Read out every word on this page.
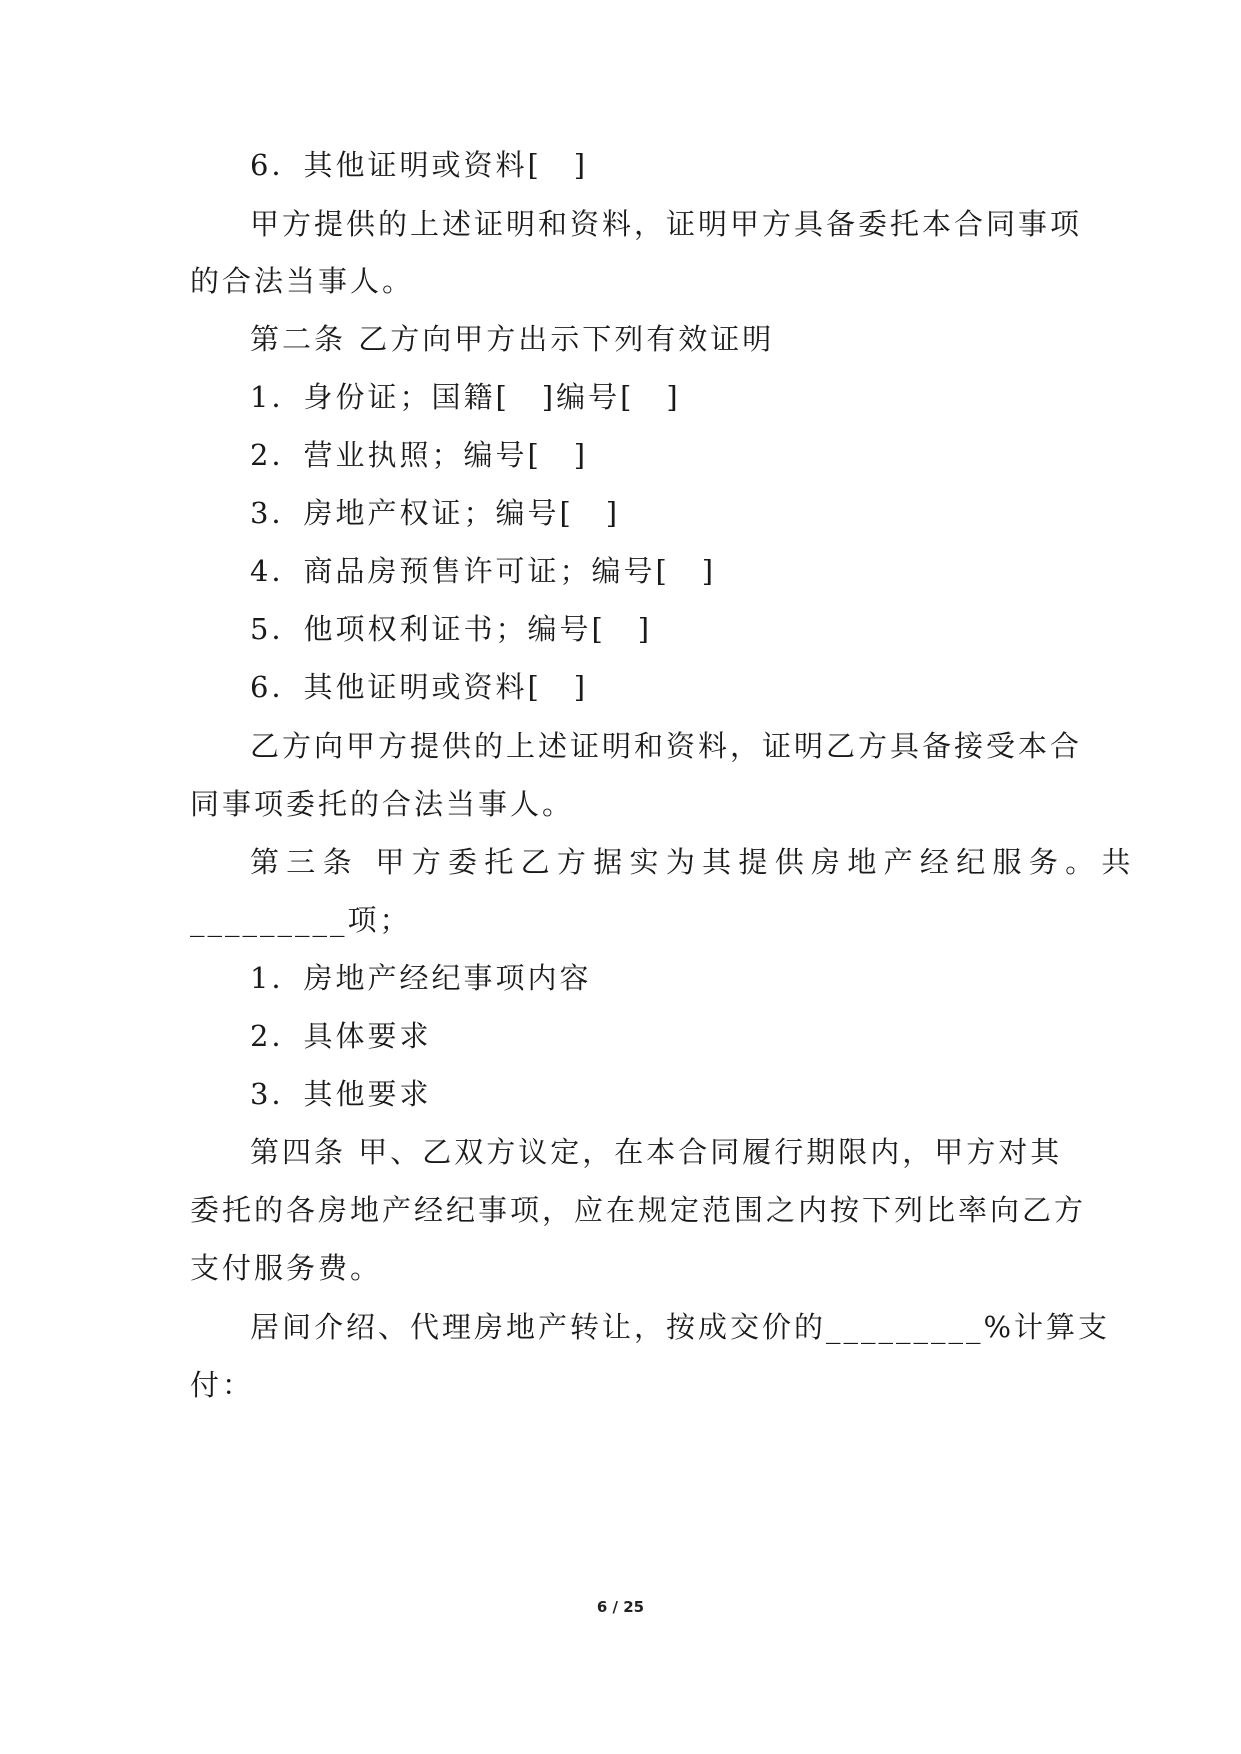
6．其他证明或资料[　]
甲方提供的上述证明和资料，证明甲方具备委托本合同事项
的合法当事人。
第二条 乙方向甲方出示下列有效证明
1．身份证；国籍[　]编号[　]
2．营业执照；编号[　]
3．房地产权证；编号[　]
4．商品房预售许可证；编号[　]
5．他项权利证书；编号[　]
6．其他证明或资料[　]
乙方向甲方提供的上述证明和资料，证明乙方具备接受本合
同事项委托的合法当事人。
第三条 甲方委托乙方据实为其提供房地产经纪服务。共
_________项；
1．房地产经纪事项内容
2．具体要求
3．其他要求
第四条 甲、乙双方议定，在本合同履行期限内，甲方对其
委托的各房地产经纪事项，应在规定范围之内按下列比率向乙方
支付服务费。
居间介绍、代理房地产转让，按成交价的_________%计算支
付：
6 / 25
